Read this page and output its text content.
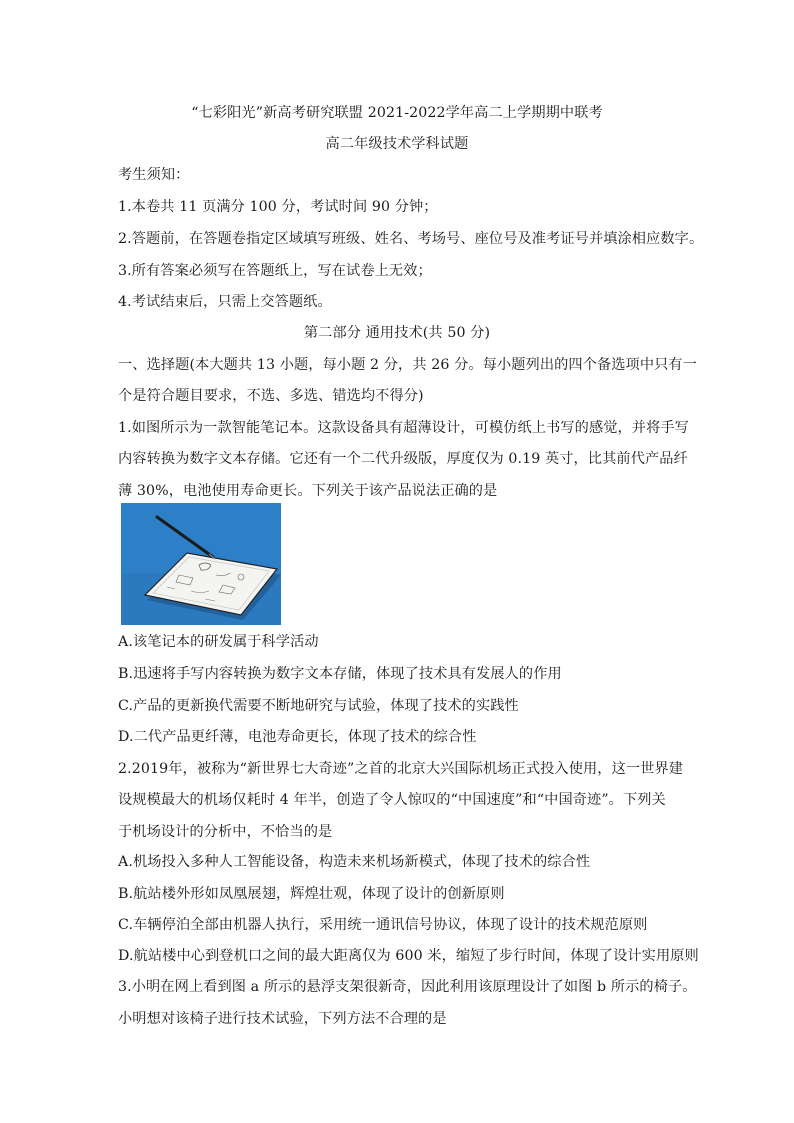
“七彩阳光”新高考研究联盟 2021-2022学年高二上学期期中联考
高二年级技术学科试题
考生须知：
1.本卷共 11 页满分 100 分，考试时间 90 分钟；
2.答题前，在答题卷指定区域填写班级、姓名、考场号、座位号及准考证号并填涂相应数字。
3.所有答案必须写在答题纸上，写在试卷上无效；
4.考试结束后，只需上交答题纸。
第二部分 通用技术(共 50 分)
一、选择题(本大题共 13 小题，每小题 2 分，共 26 分。每小题列出的四个备选项中只有一
个是符合题目要求，不选、多选、错选均不得分)
1.如图所示为一款智能笔记本。这款设备具有超薄设计，可模仿纸上书写的感觉，并将手写
内容转换为数字文本存储。它还有一个二代升级版，厚度仅为 0.19 英寸，比其前代产品纤
薄 30%，电池使用寿命更长。下列关于该产品说法正确的是
A.该笔记本的研发属于科学活动
B.迅速将手写内容转换为数字文本存储，体现了技术具有发展人的作用
C.产品的更新换代需要不断地研究与试验，体现了技术的实践性
D.二代产品更纤薄，电池寿命更长，体现了技术的综合性
2.2019年，被称为“新世界七大奇迹”之首的北京大兴国际机场正式投入使用，这一世界建
设规模最大的机场仅耗时 4 年半，创造了令人惊叹的“中国速度”和“中国奇迹”。下列关
于机场设计的分析中，不恰当的是
A.机场投入多种人工智能设备，构造未来机场新模式，体现了技术的综合性
B.航站楼外形如凤凰展翅，辉煌壮观，体现了设计的创新原则
C.车辆停泊全部由机器人执行，采用统一通讯信号协议，体现了设计的技术规范原则
D.航站楼中心到登机口之间的最大距离仅为 600 米，缩短了步行时间，体现了设计实用原则
3.小明在网上看到图 a 所示的悬浮支架很新奇，因此利用该原理设计了如图 b 所示的椅子。
小明想对该椅子进行技术试验，下列方法不合理的是
